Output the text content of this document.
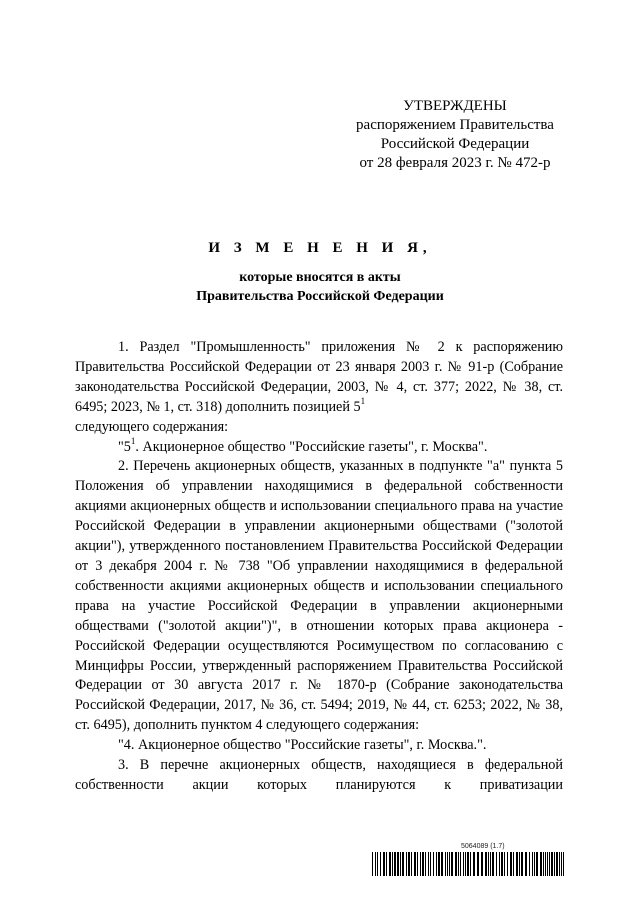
УТВЕРЖДЕНЫ
распоряжением Правительства
Российской Федерации
от 28 февраля 2023 г. № 472-р
И З М Е Н Е Н И Я,
которые вносятся в акты
Правительства Российской Федерации

1. Раздел "Промышленность" приложения № 2 к распоряжению Правительства Российской Федерации от 23 января 2003 г. № 91-р (Собрание законодательства Российской Федерации, 2003, № 4, ст. 377; 2022, № 38, ст. 6495; 2023, № 1, ст. 318) дополнить позицией $5^1$
следующего содержания:

"$5^1$. Акционерное общество "Российские газеты", г. Москва".

2. Перечень акционерных обществ, указанных в подпункте "а" пункта 5 Положения об управлении находящимися в федеральной собственности акциями акционерных обществ и использовании специального права на участие Российской Федерации в управлении акционерными обществами ("золотой акции"), утвержденного постановлением Правительства Российской Федерации от 3 декабря 2004 г. № 738 "Об управлении находящимися в федеральной собственности акциями акционерных обществ и использовании специального права на участие Российской Федерации в управлении акционерными обществами ("золотой акции")", в отношении которых права акционера - Российской Федерации осуществляются Росимуществом по согласованию с Минцифры России, утвержденный распоряжением Правительства Российской Федерации от 30 августа 2017 г. № 1870-р (Собрание законодательства Российской Федерации, 2017, № 36, ст. 5494; 2019, № 44, ст. 6253; 2022, № 38, ст. 6495), дополнить пунктом 4 следующего содержания:

"4. Акционерное общество "Российские газеты", г. Москва.".

3. В перечне акционерных обществ, находящиеся в федеральной собственности акции которых планируются к приватизации

5064089 (1.7)
